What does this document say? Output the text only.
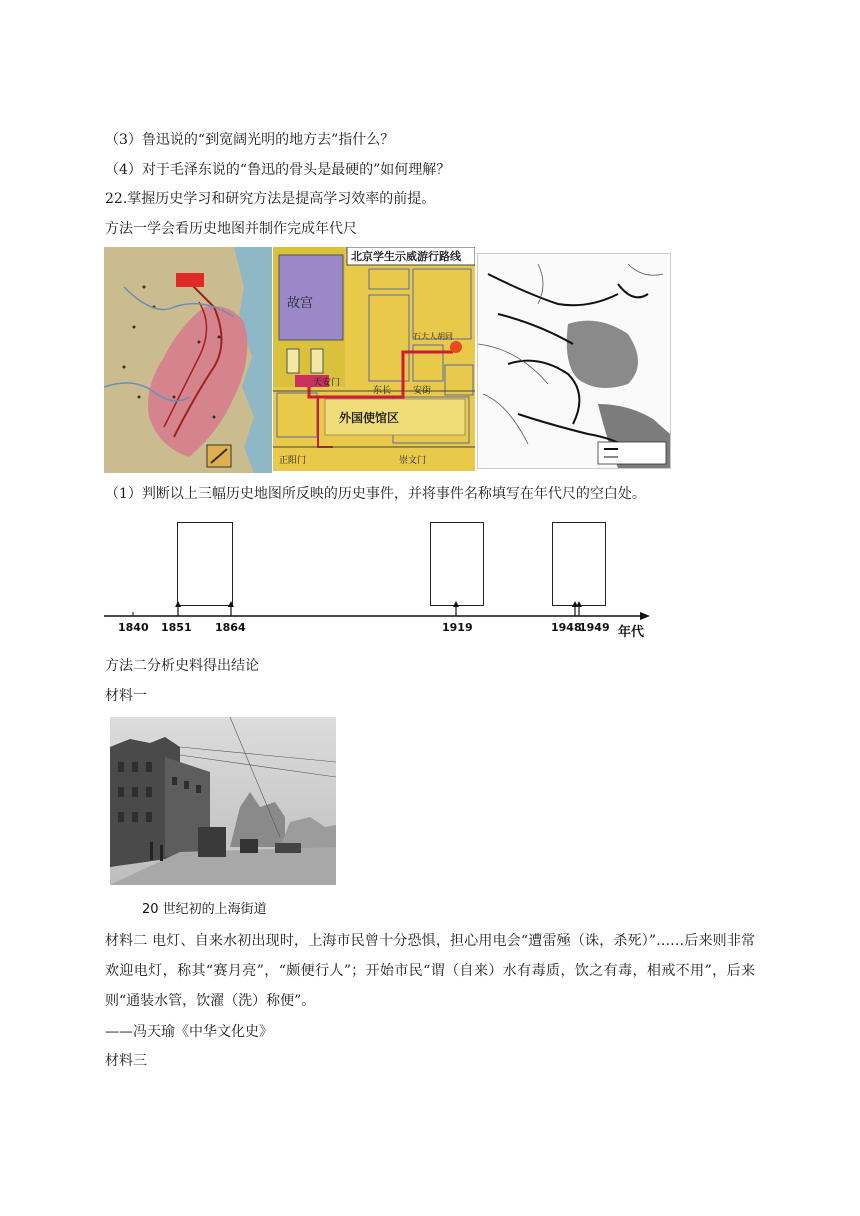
（3）鲁迅说的“到宽阔光明的地方去”指什么？
（4）对于毛泽东说的“鲁迅的骨头是最硬的”如何理解？
22.掌握历史学习和研究方法是提高学习效率的前提。
方法一学会看历史地图并制作完成年代尺
北京学生示威游行路线
故宫
天安门
外国使馆区
正阳门	崇文门
东长 安街
石大人胡同
（1）判断以上三幅历史地图所反映的历史事件，并将事件名称填写在年代尺的空白处。
1840 1851 1864	1919	1948
1949 年代
方法二分析史料得出结论
材料一
20 世纪初的上海街道
材料二 电灯、自来水初出现时，上海市民曾十分恐惧，担心用电会“遭雷殛（诛，杀死）”……后来则非常欢迎电灯，称其“赛月亮”，“颇便行人”；开始市民“谓（自来）水有毒质，饮之有毒，相戒不用”，后来则“通装水管，饮濯（洗）称便”。
——冯天瑜《中华文化史》
材料三
